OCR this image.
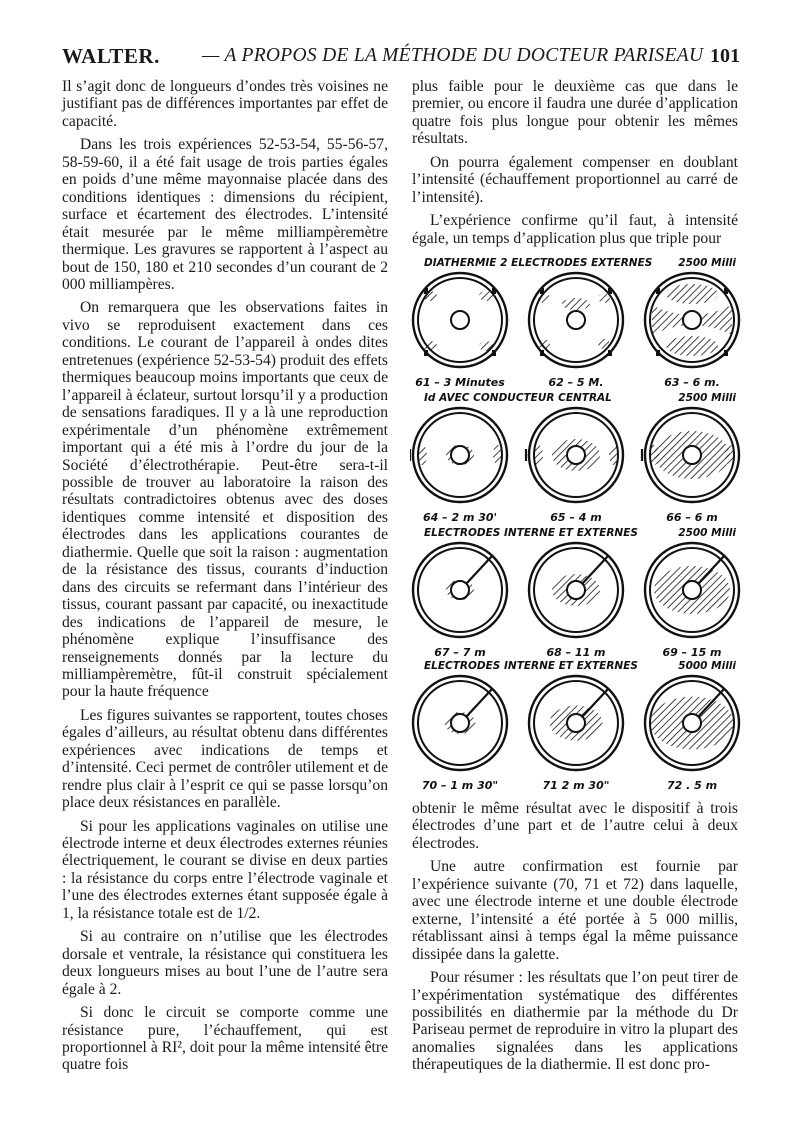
WALTER. — A PROPOS DE LA MÉTHODE DU DOCTEUR PARISEAU 101

Il s’agit donc de longueurs d’ondes très voisines ne justifiant pas de différences importantes par effet de capacité.

Dans les trois expériences 52-53-54, 55-56-57, 58-59-60, il a été fait usage de trois parties égales en poids d’une même mayonnaise placée dans des conditions identiques : dimensions du récipient, surface et écartement des électrodes. L’intensité était mesurée par le même milliampèremètre thermique. Les gravures se rapportent à l’aspect au bout de 150, 180 et 210 secondes d’un courant de 2 000 milliampères.

On remarquera que les observations faites in vivo se reproduisent exactement dans ces conditions. Le courant de l’appareil à ondes dites entretenues (expérience 52-53-54) produit des effets thermiques beaucoup moins importants que ceux de l’appareil à éclateur, surtout lorsqu’il y a production de sensations faradiques. Il y a là une reproduction expérimentale d’un phénomène extrêmement important qui a été mis à l’ordre du jour de la Société d’électrothérapie. Peut-être sera-t-il possible de trouver au laboratoire la raison des résultats contradictoires obtenus avec des doses identiques comme intensité et disposition des électrodes dans les applications courantes de diathermie. Quelle que soit la raison : augmentation de la résistance des tissus, courants d’induction dans des circuits se refermant dans l’intérieur des tissus, courant passant par capacité, ou inexactitude des indications de l’appareil de mesure, le phénomène explique l’insuffisance des renseignements donnés par la lecture du milliampèremètre, fût-il construit spécialement pour la haute fréquence

Les figures suivantes se rapportent, toutes choses égales d’ailleurs, au résultat obtenu dans différentes expériences avec indications de temps et d’intensité. Ceci permet de contrôler utilement et de rendre plus clair à l’esprit ce qui se passe lorsqu’on place deux résistances en parallèle.

Si pour les applications vaginales on utilise une électrode interne et deux électrodes externes réunies électriquement, le courant se divise en deux parties : la résistance du corps entre l’électrode vaginale et l’une des électrodes externes étant supposée égale à 1, la résistance totale est de 1/2.

Si au contraire on n’utilise que les électrodes dorsale et ventrale, la résistance qui constituera les deux longueurs mises au bout l’une de l’autre sera égale à 2.

Si donc le circuit se comporte comme une résistance pure, l’échauffement, qui est proportionnel à RI², doit pour la même intensité être quatre fois

plus faible pour le deuxième cas que dans le premier, ou encore il faudra une durée d’application quatre fois plus longue pour obtenir les mêmes résultats.

On pourra également compenser en doublant l’intensité (échauffement proportionnel au carré de l’intensité).

L’expérience confirme qu’il faut, à intensité égale, un temps d’application plus que triple pour

DIATHERMIE 2 ELECTRODES EXTERNES 2500 Milli
61 – 3 Minutes	62 – 5 M.	63 – 6 m.
Id AVEC CONDUCTEUR CENTRAL	2500 Milli
64 – 2 m 30'	65 – 4 m	66 – 6 m
ELECTRODES INTERNE ET EXTERNES	2500 Milli
67 – 7 m	68 – 11 m	69 – 15 m
ELECTRODES INTERNE ET EXTERNES	5000 Milli
70 – 1 m 30"	71 2 m 30"	72 . 5 m

obtenir le même résultat avec le dispositif à trois électrodes d’une part et de l’autre celui à deux électrodes.

Une autre confirmation est fournie par l’expérience suivante (70, 71 et 72) dans laquelle, avec une électrode interne et une double électrode externe, l’intensité a été portée à 5 000 millis, rétablissant ainsi à temps égal la même puissance dissipée dans la galette.

Pour résumer : les résultats que l’on peut tirer de l’expérimentation systématique des différentes possibilités en diathermie par la méthode du Dr Pariseau permet de reproduire in vitro la plupart des anomalies signalées dans les applications thérapeutiques de la diathermie. Il est donc pro-
